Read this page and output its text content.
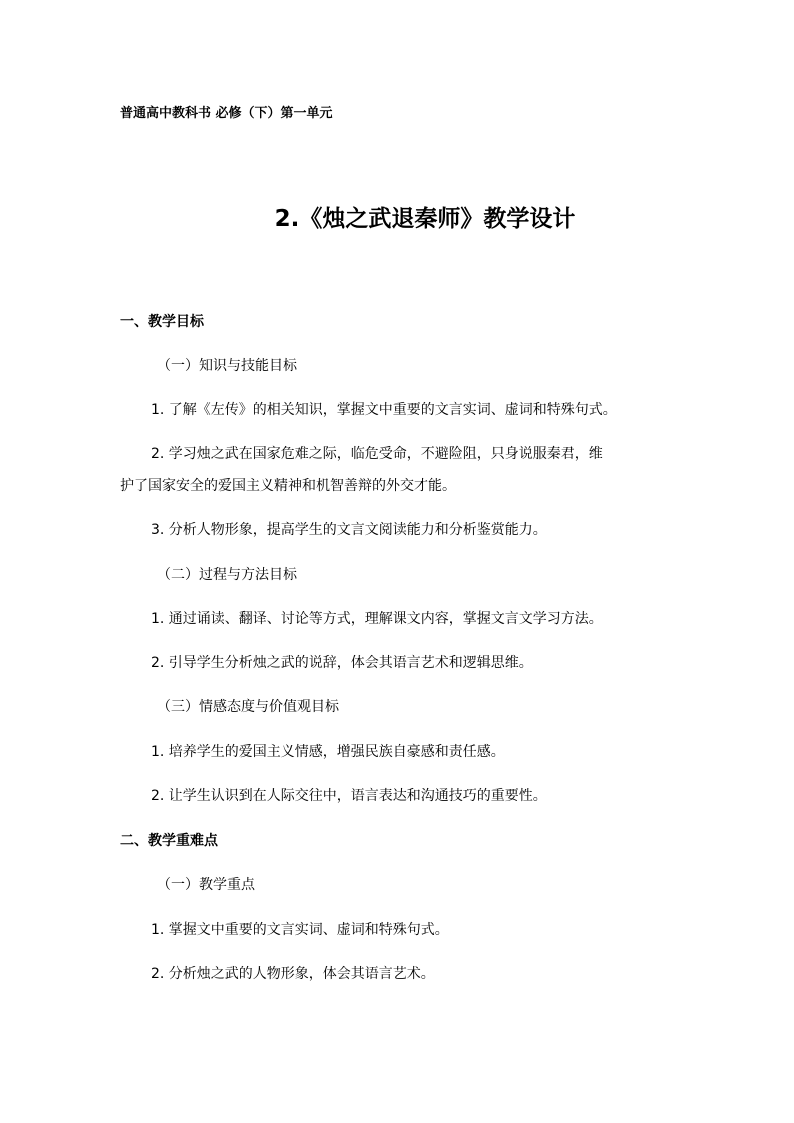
普通高中教科书 必修（下）第一单元
2.《烛之武退秦师》教学设计
一、教学目标
（一）知识与技能目标
1. 了解《左传》的相关知识，掌握文中重要的文言实词、虚词和特殊句式。
2. 学习烛之武在国家危难之际，临危受命，不避险阻，只身说服秦君，维
护了国家安全的爱国主义精神和机智善辩的外交才能。
3. 分析人物形象，提高学生的文言文阅读能力和分析鉴赏能力。
（二）过程与方法目标
1. 通过诵读、翻译、讨论等方式，理解课文内容，掌握文言文学习方法。
2. 引导学生分析烛之武的说辞，体会其语言艺术和逻辑思维。
（三）情感态度与价值观目标
1. 培养学生的爱国主义情感，增强民族自豪感和责任感。
2. 让学生认识到在人际交往中，语言表达和沟通技巧的重要性。
二、教学重难点
（一）教学重点
1. 掌握文中重要的文言实词、虚词和特殊句式。
2. 分析烛之武的人物形象，体会其语言艺术。
